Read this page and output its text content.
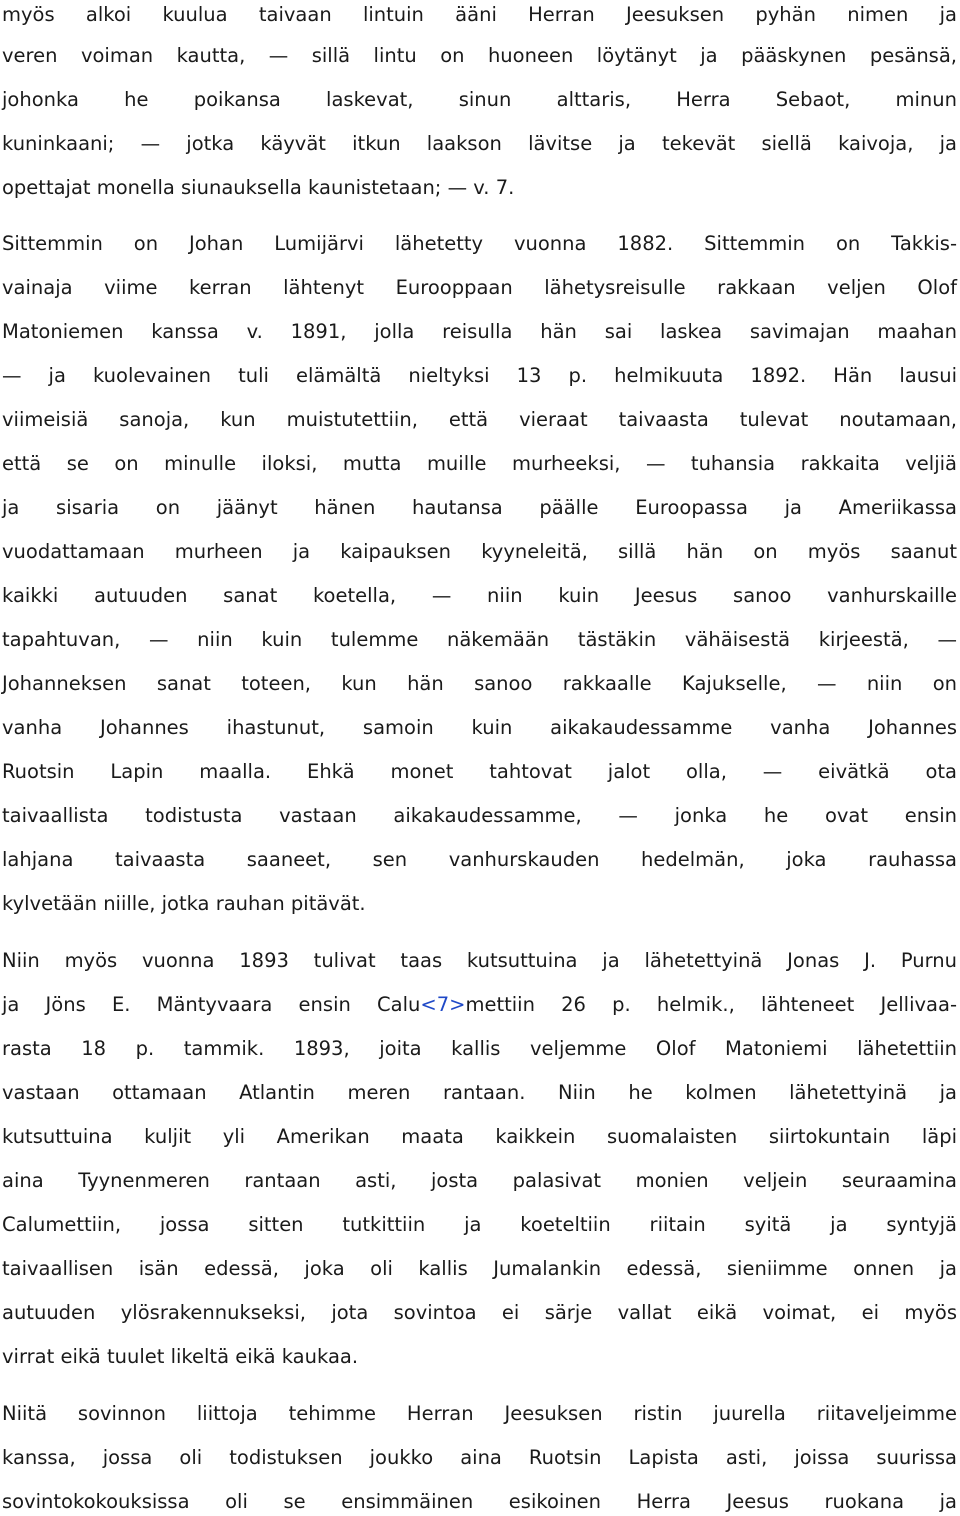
myös alkoi kuulua taivaan lintuin ääni Herran Jeesuksen pyhän nimen ja
veren voiman kautta, — sillä lintu on huoneen löytänyt ja pääskynen pesänsä,
johonka he poikansa laskevat, sinun alttaris, Herra Sebaot, minun
kuninkaani; — jotka käyvät itkun laakson lävitse ja tekevät siellä kaivoja, ja
opettajat monella siunauksella kaunistetaan; — v. 7.
Sittemmin on Johan Lumijärvi lähetetty vuonna 1882. Sittemmin on Takkis-
vainaja viime kerran lähtenyt Eurooppaan lähetysreisulle rakkaan veljen Olof
Matoniemen kanssa v. 1891, jolla reisulla hän sai laskea savimajan maahan
— ja kuolevainen tuli elämältä nieltyksi 13 p. helmikuuta 1892. Hän lausui
viimeisiä sanoja, kun muistutettiin, että vieraat taivaasta tulevat noutamaan,
että se on minulle iloksi, mutta muille murheeksi, — tuhansia rakkaita veljiä
ja sisaria on jäänyt hänen hautansa päälle Euroopassa ja Ameriikassa
vuodattamaan murheen ja kaipauksen kyyneleitä, sillä hän on myös saanut
kaikki autuuden sanat koetella, — niin kuin Jeesus sanoo vanhurskaille
tapahtuvan, — niin kuin tulemme näkemään tästäkin vähäisestä kirjeestä, —
Johanneksen sanat toteen, kun hän sanoo rakkaalle Kajukselle, — niin on
vanha Johannes ihastunut, samoin kuin aikakaudessamme vanha Johannes
Ruotsin Lapin maalla. Ehkä monet tahtovat jalot olla, — eivätkä ota
taivaallista todistusta vastaan aikakaudessamme, — jonka he ovat ensin
lahjana taivaasta saaneet, sen vanhurskauden hedelmän, joka rauhassa
kylvetään niille, jotka rauhan pitävät.
Niin myös vuonna 1893 tulivat taas kutsuttuina ja lähetettyinä Jonas J. Purnu
ja Jöns E. Mäntyvaara ensin Calu<7>mettiin 26 p. helmik., lähteneet Jellivaa-
rasta 18 p. tammik. 1893, joita kallis veljemme Olof Matoniemi lähetettiin
vastaan ottamaan Atlantin meren rantaan. Niin he kolmen lähetettyinä ja
kutsuttuina kuljit yli Amerikan maata kaikkein suomalaisten siirtokuntain läpi
aina Tyynenmeren rantaan asti, josta palasivat monien veljein seuraamina
Calumettiin, jossa sitten tutkittiin ja koeteltiin riitain syitä ja syntyjä
taivaallisen isän edessä, joka oli kallis Jumalankin edessä, sieniimme onnen ja
autuuden ylösrakennukseksi, jota sovintoa ei särje vallat eikä voimat, ei myös
virrat eikä tuulet likeltä eikä kaukaa.
Niitä sovinnon liittoja tehimme Herran Jeesuksen ristin juurella riitaveljeimme
kanssa, jossa oli todistuksen joukko aina Ruotsin Lapista asti, joissa suurissa
sovintokokouksissa oli se ensimmäinen esikoinen Herra Jeesus ruokana ja
